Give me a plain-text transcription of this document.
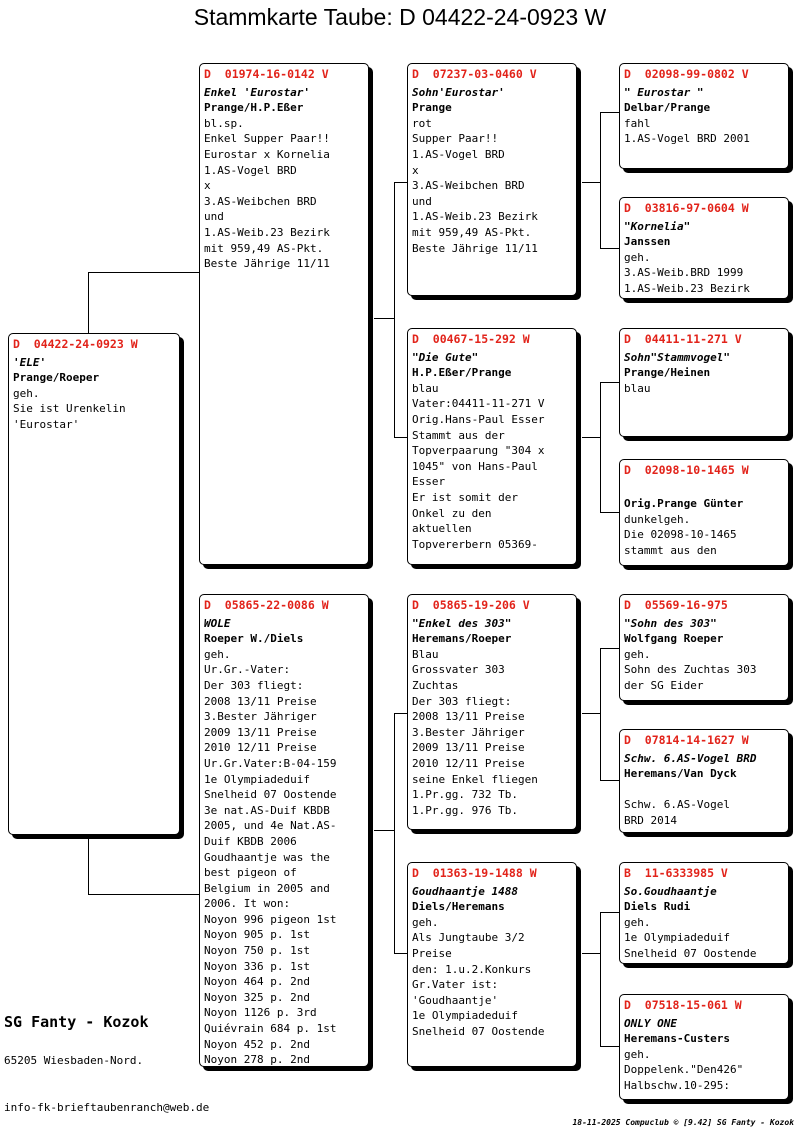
Stammkarte Taube: D 04422-24-0923 W
D  04422-24-0923 W
'ELE'
Prange/Roeper
geh.
Sie ist Urenkelin
'Eurostar'
D  01974-16-0142 V
Enkel 'Eurostar'
Prange/H.P.Eßer
bl.sp.
Enkel Supper Paar!!
Eurostar x Kornelia
1.AS-Vogel BRD
x
3.AS-Weibchen BRD
und
1.AS-Weib.23 Bezirk
mit 959,49 AS-Pkt.
Beste Jährige 11/11
D  05865-22-0086 W
WOLE
Roeper W./Diels
geh.
Ur.Gr.-Vater:
Der 303 fliegt:
2008 13/11 Preise
3.Bester Jähriger
2009 13/11 Preise
2010 12/11 Preise
Ur.Gr.Vater:B-04-159
1e Olympiadeduif
Snelheid 07 Oostende
3e nat.AS-Duif KBDB
2005, und 4e Nat.AS-
Duif KBDB 2006
Goudhaantje was the
best pigeon of
Belgium in 2005 and
2006. It won:
Noyon 996 pigeon 1st
Noyon 905 p. 1st
Noyon 750 p. 1st
Noyon 336 p. 1st
Noyon 464 p. 2nd
Noyon 325 p. 2nd
Noyon 1126 p. 3rd
Quiévrain 684 p. 1st
Noyon 452 p. 2nd
Noyon 278 p. 2nd
D  07237-03-0460 V
Sohn'Eurostar'
Prange
rot
Supper Paar!!
1.AS-Vogel BRD
x
3.AS-Weibchen BRD
und
1.AS-Weib.23 Bezirk
mit 959,49 AS-Pkt.
Beste Jährige 11/11
D  00467-15-292 W
"Die Gute"
H.P.Eßer/Prange
blau
Vater:04411-11-271 V
Orig.Hans-Paul Esser
Stammt aus der
Topverpaarung "304 x
1045" von Hans-Paul
Esser
Er ist somit der
Onkel zu den
aktuellen
Topvererbern 05369-
D  05865-19-206 V
"Enkel des 303"
Heremans/Roeper
Blau
Grossvater 303
Zuchtas
Der 303 fliegt:
2008 13/11 Preise
3.Bester Jähriger
2009 13/11 Preise
2010 12/11 Preise
seine Enkel fliegen
1.Pr.gg. 732 Tb.
1.Pr.gg. 976 Tb.
D  01363-19-1488 W
Goudhaantje 1488
Diels/Heremans
geh.
Als Jungtaube 3/2
Preise
den: 1.u.2.Konkurs
Gr.Vater ist:
'Goudhaantje'
1e Olympiadeduif
Snelheid 07 Oostende
D  02098-99-0802 V
" Eurostar "
Delbar/Prange
fahl
1.AS-Vogel BRD 2001
D  03816-97-0604 W
"Kornelia"
Janssen
geh.
3.AS-Weib.BRD 1999
1.AS-Weib.23 Bezirk
D  04411-11-271 V
Sohn"Stammvogel"
Prange/Heinen
blau
D  02098-10-1465 W

Orig.Prange Günter
dunkelgeh.
Die 02098-10-1465
stammt aus den
D  05569-16-975
"Sohn des 303"
Wolfgang Roeper
geh.
Sohn des Zuchtas 303
der SG Eider
D  07814-14-1627 W
Schw. 6.AS-Vogel BRD
Heremans/Van Dyck

Schw. 6.AS-Vogel
BRD 2014
B  11-6333985 V
So.Goudhaantje
Diels Rudi
geh.
1e Olympiadeduif
Snelheid 07 Oostende
D  07518-15-061 W
ONLY ONE
Heremans-Custers
geh.
Doppelenk."Den426"
Halbschw.10-295:
SG Fanty - Kozok
65205 Wiesbaden-Nord.
info-fk-brieftaubenranch@web.de
18-11-2025 Compuclub © [9.42] SG Fanty - Kozok
